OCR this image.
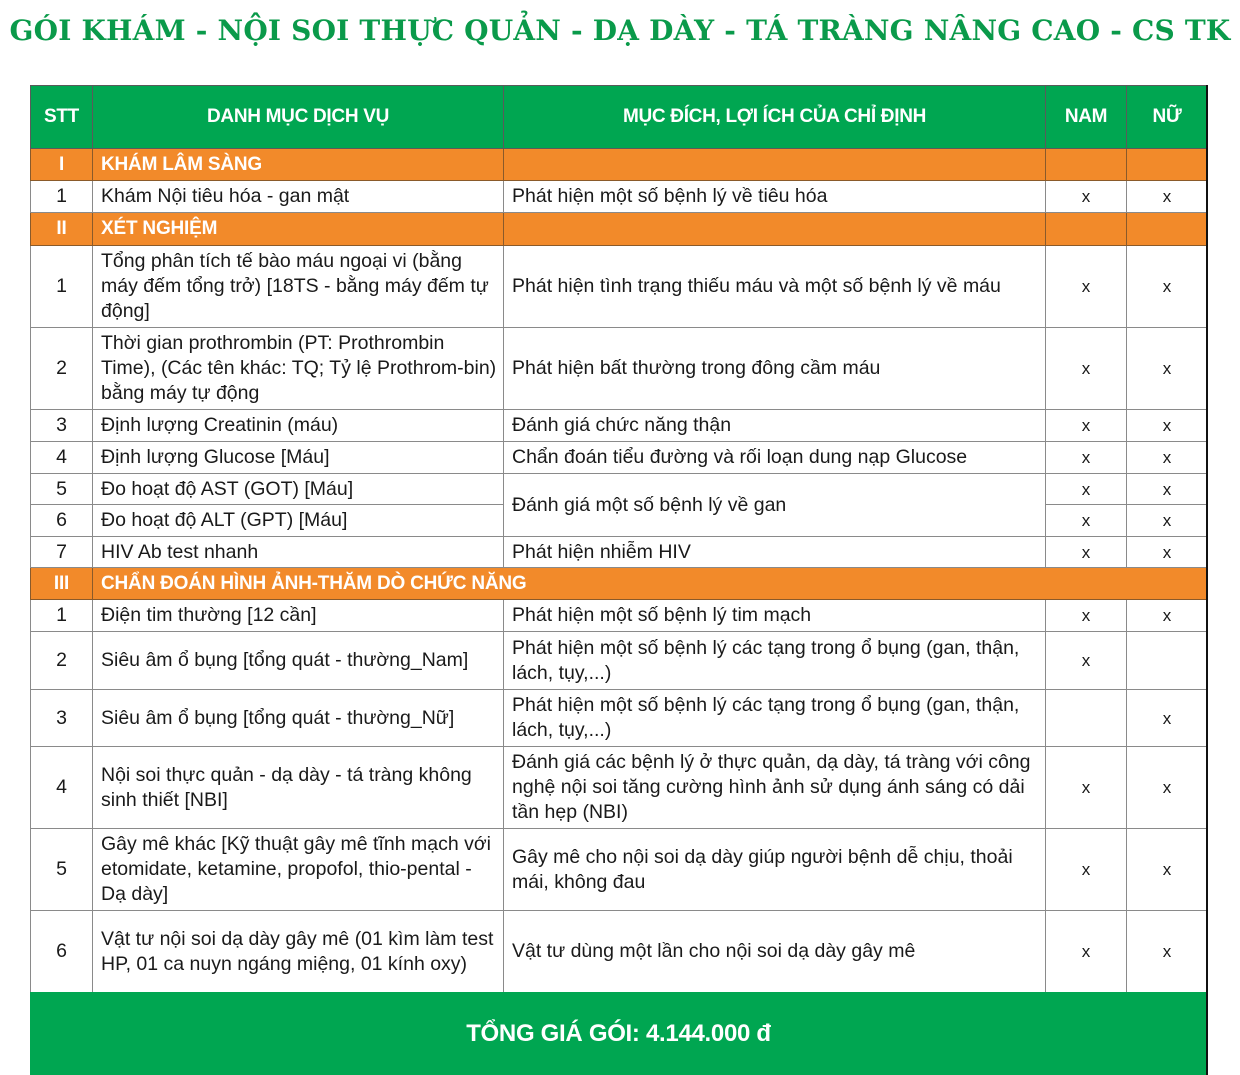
GÓI KHÁM - NỘI SOI THỰC QUẢN - DẠ DÀY - TÁ TRÀNG NÂNG CAO - CS TK
STT	DANH MỤC DỊCH VỤ	MỤC ĐÍCH, LỢI ÍCH CỦA CHỈ ĐỊNH	NAM	NỮ
I	KHÁM LÂM SÀNG			
1	Khám Nội tiêu hóa - gan mật	Phát hiện một số bệnh lý về tiêu hóa	x	x
II	XÉT NGHIỆM			
1	Tổng phân tích tế bào máu ngoại vi (bằng máy đếm tổng trở) [18TS - bằng máy đếm tự động]	Phát hiện tình trạng thiếu máu và một số bệnh lý về máu	x	x
2	Thời gian prothrombin (PT: Prothrombin Time), (Các tên khác: TQ; Tỷ lệ Prothrom-bin) bằng máy tự động	Phát hiện bất thường trong đông cầm máu	x	x
3	Định lượng Creatinin (máu)	Đánh giá chức năng thận	x	x
4	Định lượng Glucose [Máu]	Chẩn đoán tiểu đường và rối loạn dung nạp Glucose	x	x
5	Đo hoạt độ AST (GOT) [Máu]	Đánh giá một số bệnh lý về gan	x	x
6	Đo hoạt độ ALT (GPT) [Máu]		x	x
7	HIV Ab test nhanh	Phát hiện nhiễm HIV	x	x
III	CHẨN ĐOÁN HÌNH ẢNH-THĂM DÒ CHỨC NĂNG			
1	Điện tim thường [12 cần]	Phát hiện một số bệnh lý tim mạch	x	x
2	Siêu âm ổ bụng [tổng quát - thường_Nam]	Phát hiện một số bệnh lý các tạng trong ổ bụng (gan, thận, lách, tụy,...)	x	
3	Siêu âm ổ bụng [tổng quát - thường_Nữ]	Phát hiện một số bệnh lý các tạng trong ổ bụng (gan, thận, lách, tụy,...)		x
4	Nội soi thực quản - dạ dày - tá tràng không sinh thiết [NBI]	Đánh giá các bệnh lý ở thực quản, dạ dày, tá tràng với công nghệ nội soi tăng cường hình ảnh sử dụng ánh sáng có dải tần hẹp (NBI)	x	x
5	Gây mê khác [Kỹ thuật gây mê tĩnh mạch với etomidate, ketamine, propofol, thio-pental - Dạ dày]	Gây mê cho nội soi dạ dày giúp người bệnh dễ chịu, thoải mái, không đau	x	x
6	Vật tư nội soi dạ dày gây mê (01 kìm làm test HP, 01 ca nuyn ngáng miệng, 01 kính oxy)	Vật tư dùng một lần cho nội soi dạ dày gây mê	x	x
TỔNG GIÁ GÓI: 4.144.000 đ
